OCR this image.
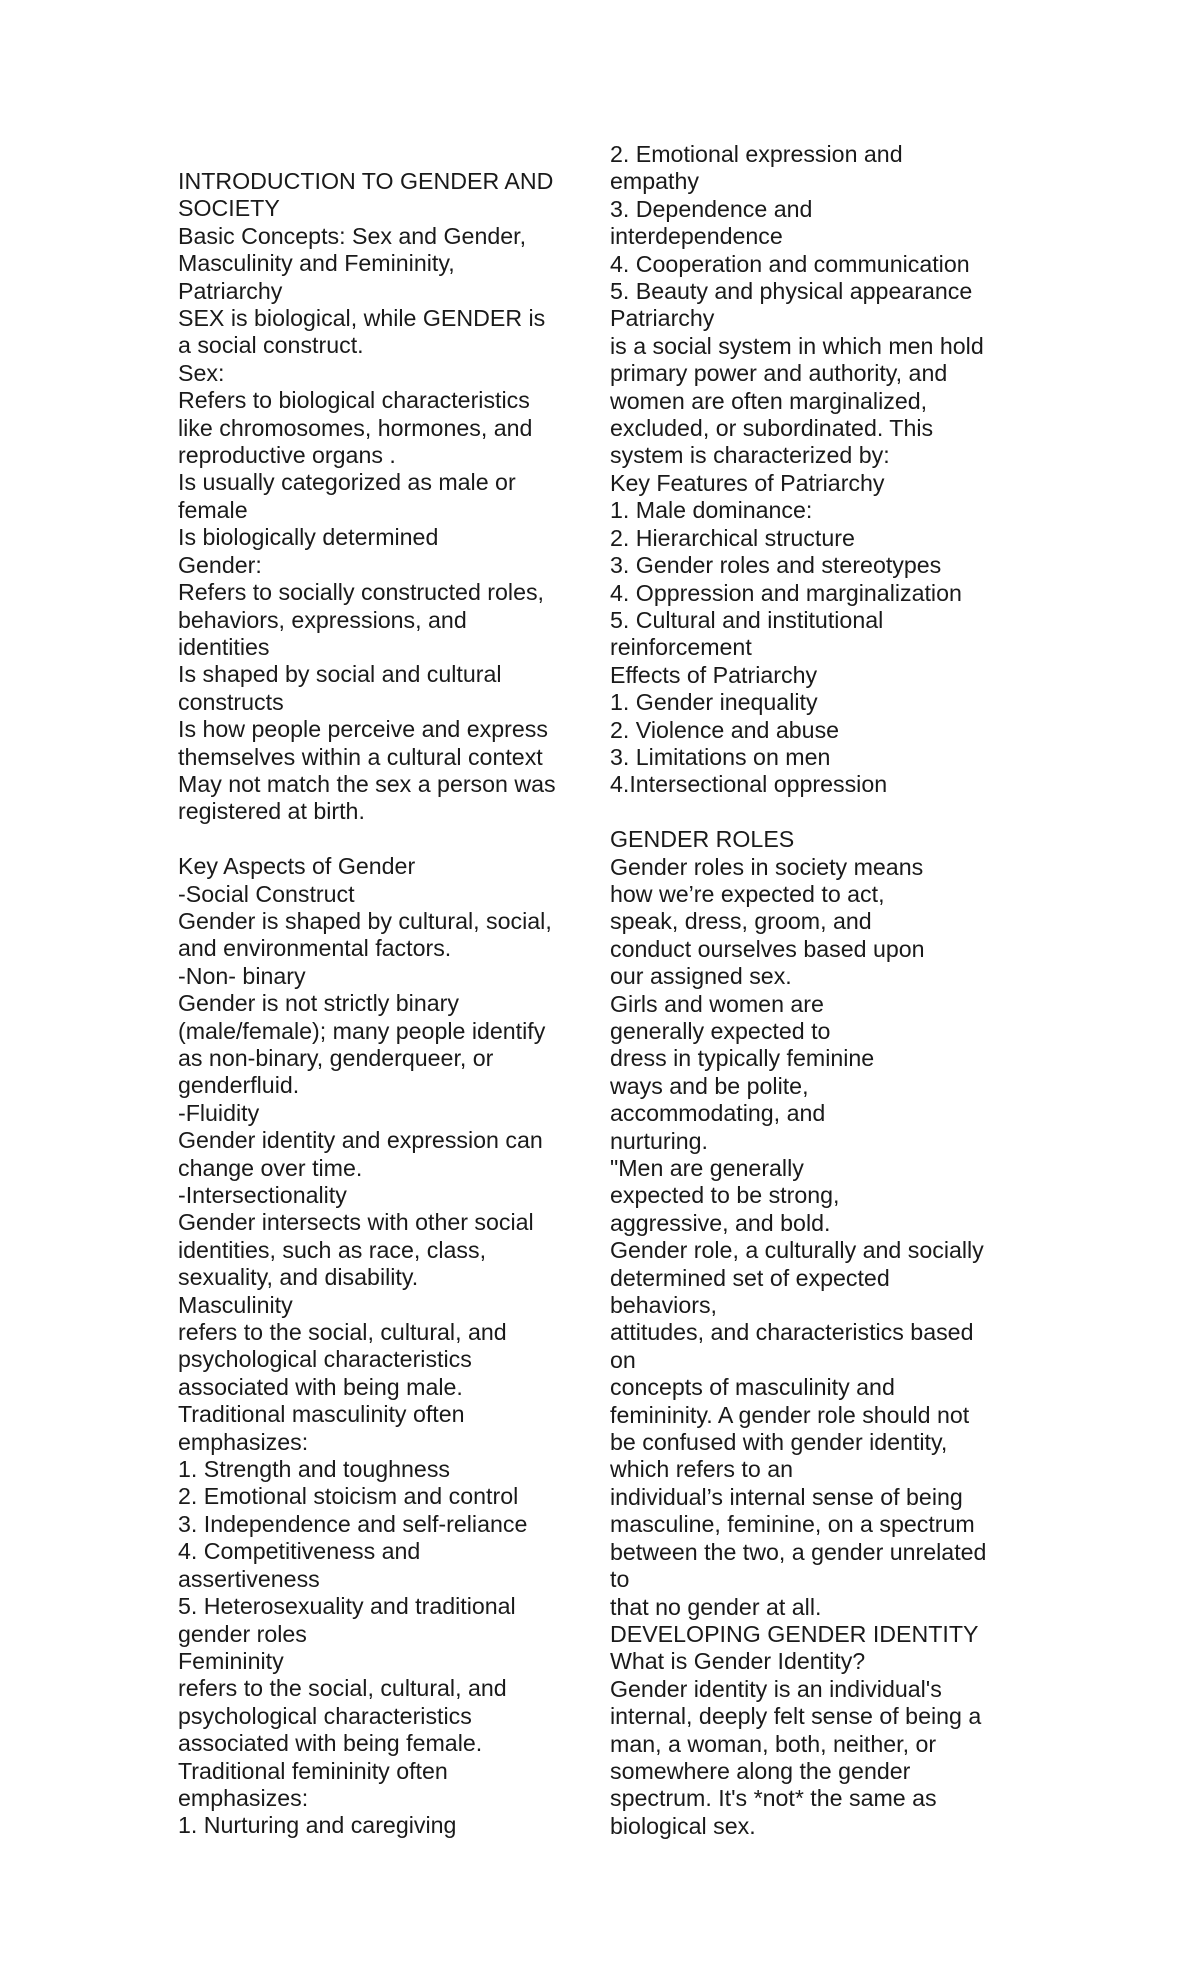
INTRODUCTION TO GENDER AND
SOCIETY
Basic Concepts: Sex and Gender,
Masculinity and Femininity,
Patriarchy
SEX is biological, while GENDER is
a social construct.
Sex:
Refers to biological characteristics
like chromosomes, hormones, and
reproductive organs .
Is usually categorized as male or
female
Is biologically determined
Gender:
Refers to socially constructed roles,
behaviors, expressions, and
identities
Is shaped by social and cultural
constructs
Is how people perceive and express
themselves within a cultural context
May not match the sex a person was
registered at birth.
Key Aspects of Gender
-Social Construct
Gender is shaped by cultural, social,
and environmental factors.
-Non- binary
Gender is not strictly binary
(male/female); many people identify
as non-binary, genderqueer, or
genderfluid.
-Fluidity
Gender identity and expression can
change over time.
-Intersectionality
Gender intersects with other social
identities, such as race, class,
sexuality, and disability.
Masculinity
refers to the social, cultural, and
psychological characteristics
associated with being male.
Traditional masculinity often
emphasizes:
1. Strength and toughness
2. Emotional stoicism and control
3. Independence and self-reliance
4. Competitiveness and
assertiveness
5. Heterosexuality and traditional
gender roles
Femininity
refers to the social, cultural, and
psychological characteristics
associated with being female.
Traditional femininity often
emphasizes:
1. Nurturing and caregiving
2. Emotional expression and
empathy
3. Dependence and
interdependence
4. Cooperation and communication
5. Beauty and physical appearance
Patriarchy
is a social system in which men hold
primary power and authority, and
women are often marginalized,
excluded, or subordinated. This
system is characterized by:
Key Features of Patriarchy
1. Male dominance:
2. Hierarchical structure
3. Gender roles and stereotypes
4. Oppression and marginalization
5. Cultural and institutional
reinforcement
Effects of Patriarchy
1. Gender inequality
2. Violence and abuse
3. Limitations on men
4.Intersectional oppression
GENDER ROLES
Gender roles in society means
how we’re expected to act,
speak, dress, groom, and
conduct ourselves based upon
our assigned sex.
Girls and women are
generally expected to
dress in typically feminine
ways and be polite,
accommodating, and
nurturing.
"Men are generally
expected to be strong,
aggressive, and bold.
Gender role, a culturally and socially
determined set of expected
behaviors,
attitudes, and characteristics based
on
concepts of masculinity and
femininity. A gender role should not
be confused with gender identity,
which refers to an
individual’s internal sense of being
masculine, feminine, on a spectrum
between the two, a gender unrelated
to
that no gender at all.
DEVELOPING GENDER IDENTITY
What is Gender Identity?
Gender identity is an individual's
internal, deeply felt sense of being a
man, a woman, both, neither, or
somewhere along the gender
spectrum. It's *not* the same as
biological sex.
